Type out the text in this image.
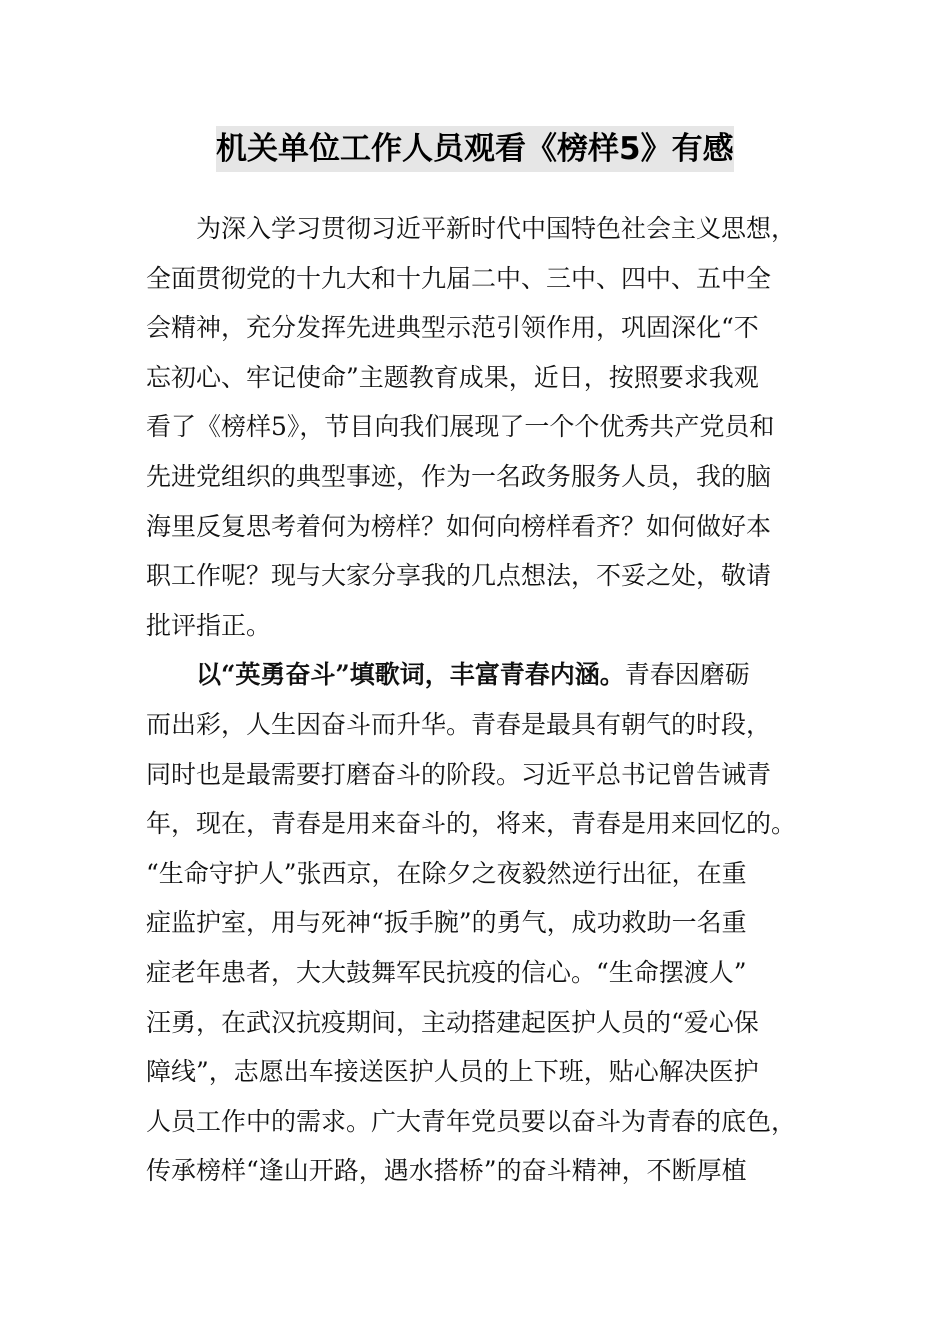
机关单位工作人员观看《榜样5》有感
为深入学习贯彻习近平新时代中国特色社会主义思想，
全面贯彻党的十九大和十九届二中、三中、四中、五中全
会精神，充分发挥先进典型示范引领作用，巩固深化“不
忘初心、牢记使命”主题教育成果，近日，按照要求我观
看了《榜样5》，节目向我们展现了一个个优秀共产党员和
先进党组织的典型事迹，作为一名政务服务人员，我的脑
海里反复思考着何为榜样？如何向榜样看齐？如何做好本
职工作呢？现与大家分享我的几点想法，不妥之处，敬请
批评指正。
以“英勇奋斗”填歌词，丰富青春内涵。青春因磨砺
而出彩，人生因奋斗而升华。青春是最具有朝气的时段，
同时也是最需要打磨奋斗的阶段。习近平总书记曾告诫青
年，现在，青春是用来奋斗的，将来，青春是用来回忆的。
“生命守护人”张西京，在除夕之夜毅然逆行出征，在重
症监护室，用与死神“扳手腕”的勇气，成功救助一名重
症老年患者，大大鼓舞军民抗疫的信心。“生命摆渡人”
汪勇，在武汉抗疫期间，主动搭建起医护人员的“爱心保
障线”，志愿出车接送医护人员的上下班，贴心解决医护
人员工作中的需求。广大青年党员要以奋斗为青春的底色，
传承榜样“逢山开路，遇水搭桥”的奋斗精神，不断厚植
